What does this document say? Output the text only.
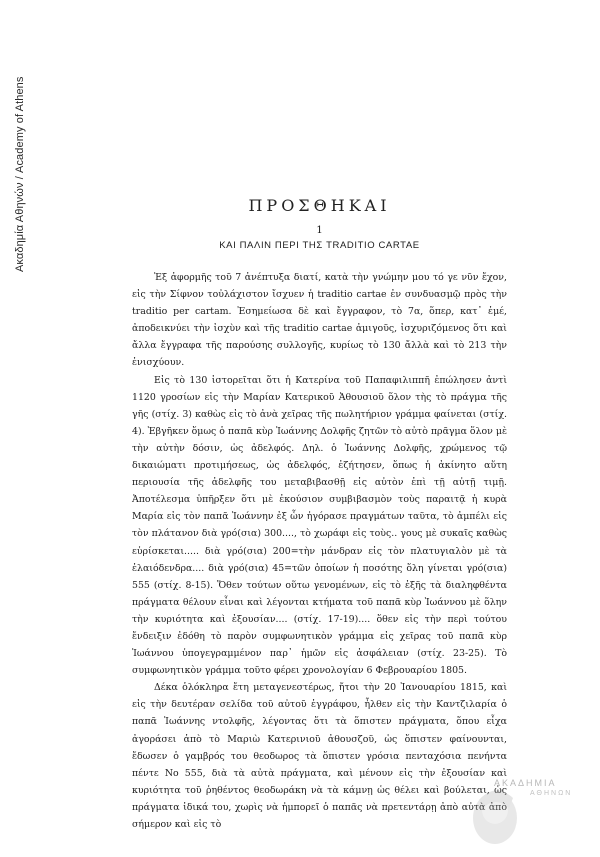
Ακαδημία Αθηνών / Academy of Athens	ΠΡΟΣΘΗΚΑΙ
1
ΚΑΙ ΠΑΛΙΝ ΠΕΡΙ ΤΗΣ TRADITIO CARTAE

Ἐξ ἀφορμῆς τοῦ 7 ἀνέπτυξα διατί, κατὰ τὴν γνώμην μου τό γε νῦν ἔχον, εἰς τὴν Σίφνον τοὐλάχιστον ἴσχυεν ἡ traditio cartae ἐν συνδυασμῷ πρὸς τὴν traditio per cartam. Ἐσημείωσα δὲ καὶ ἔγγραφον, τὸ 7α, ὅπερ, κατ᾽ ἐμέ, ἀποδεικνύει τὴν ἰσχὺν καὶ τῆς traditio cartae ἀμιγοῦς, ἰσχυριζόμενος ὅτι καὶ ἄλλα ἔγγραφα τῆς παρούσης συλλογῆς, κυρίως τὸ 130 ἄλλὰ καὶ τὸ 213 τὴν ἐνισχύουν.

Εἰς τὸ 130 ἱστορεῖται ὅτι ἡ Κατερίνα τοῦ Παπαφιλιππῆ ἐπώλησεν ἀντὶ 1120 γροσίων εἰς τὴν Μαρίαν Κατερικοῦ Ἀθουσιοῦ ὅλον τὴς τὸ πράγμα τῆς γῆς (στίχ. 3) καθὼς εἰς τὸ ἀνὰ χεῖρας τῆς πωλητήριον γράμμα φαίνεται (στίχ. 4). Ἐβγῆκεν ὅμως ὁ παπᾶ κὺρ Ἰωάννης Δολφῆς ζητῶν τὸ αὐτὸ πρᾶγμα ὅλον μὲ τὴν αὐτὴν δόσιν, ὡς ἀδελφός. Δηλ. ὁ Ἰωάννης Δολφῆς, χρώμενος τῷ δικαιώματι προτιμήσεως, ὡς ἀδελφός, ἐζήτησεν, ὅπως ἡ ἀκίνητο αὕτη περιουσία τῆς ἀδελφῆς του μεταβιβασθῇ εἰς αὐτὸν ἐπὶ τῇ αὐτῇ τιμῇ. Ἀποτέλεσμα ὑπῆρξεν ὅτι μὲ ἐκούσιον συμβιβασμὸν τοὺς παραιτᾷ ἡ κυρὰ Μαρία εἰς τὸν παπᾶ Ἰωάννην ἐξ ὧν ἠγόρασε πραγμάτων ταῦτα, τὸ ἀμπέλι εἰς τὸν πλάτανον διὰ γρό(σια) 300...., τὸ χωράφι εἰς τοὺς.. γους μὲ συκαῖς καθὼς εὑρίσκεται..... διὰ γρό(σια) 200=τὴν μάνδραν εἰς τὸν πλατυγιαλὸν μὲ τὰ ἐλαιόδενδρα.... διὰ γρό(σια) 45=τῶν ὁποίων ἡ ποσότης ὅλη γίνεται γρό(σια) 555 (στίχ. 8-15). Ὅθεν τούτων οὕτω γενομένων, εἰς τὸ ἑξῆς τὰ διαληφθέντα πράγματα θέλουν εἶναι καὶ λέγονται κτήματα τοῦ παπᾶ κὺρ Ἰωάννου μὲ ὅλην τὴν κυριότητα καὶ ἐξουσίαν.... (στίχ. 17-19).... ὅθεν εἰς τὴν περὶ τούτου ἔνδειξιν ἐδόθη τὸ παρὸν συμφωνητικὸν γράμμα εἰς χεῖρας τοῦ παπᾶ κὺρ Ἰωάννου ὑπογεγραμμένον παρ᾽ ἡμῶν εἰς ἀσφάλειαν (στίχ. 23-25). Τὸ συμφωνητικὸν γράμμα τοῦτο φέρει χρονολογίαν 6 Φεβρουαρίου 1805.

Δέκα ὁλόκληρα ἔτη μεταγενεστέρως, ἤτοι τὴν 20 Ἰανουαρίου 1815, καὶ εἰς τὴν δευτέραν σελίδα τοῦ αὐτοῦ ἐγγράφου, ἦλθεν εἰς τὴν Καντζιλαρία ὁ παπᾶ Ἰωάννης ντολφῆς, λέγοντας ὅτι τὰ ὅπιστεν πράγματα, ὅπου εἶχα ἀγοράσει ἀπὸ τὸ Μαριὼ Κατερινιοῦ ἀθουσζοῦ, ὡς ὅπιστεν φαίνουνται, ἔδωσεν ὁ γαμβρός του θεοδωρος τὰ ὅπιστεν γρόσια πενταχόσια πενήντα πέντε Νο 555, διὰ τὰ αὐτὰ πράγματα, καὶ μένουν εἰς τὴν ἐξουσίαν καὶ κυριότητα τοῦ ῥηθέντος θεοδωράκη νὰ τὰ κάμνῃ ὡς θέλει καὶ βούλεται, ὡς πράγματα ἰδικά του, χωρὶς νὰ ἠμπορεῖ ὁ παπᾶς νὰ πρετεντάρῃ ἀπὸ αὐτὰ ἀπὸ σήμερον καὶ εἰς τὸ

ΑΚΑΔΗΜΙΑ
ΑΘΗΝΩΝ
